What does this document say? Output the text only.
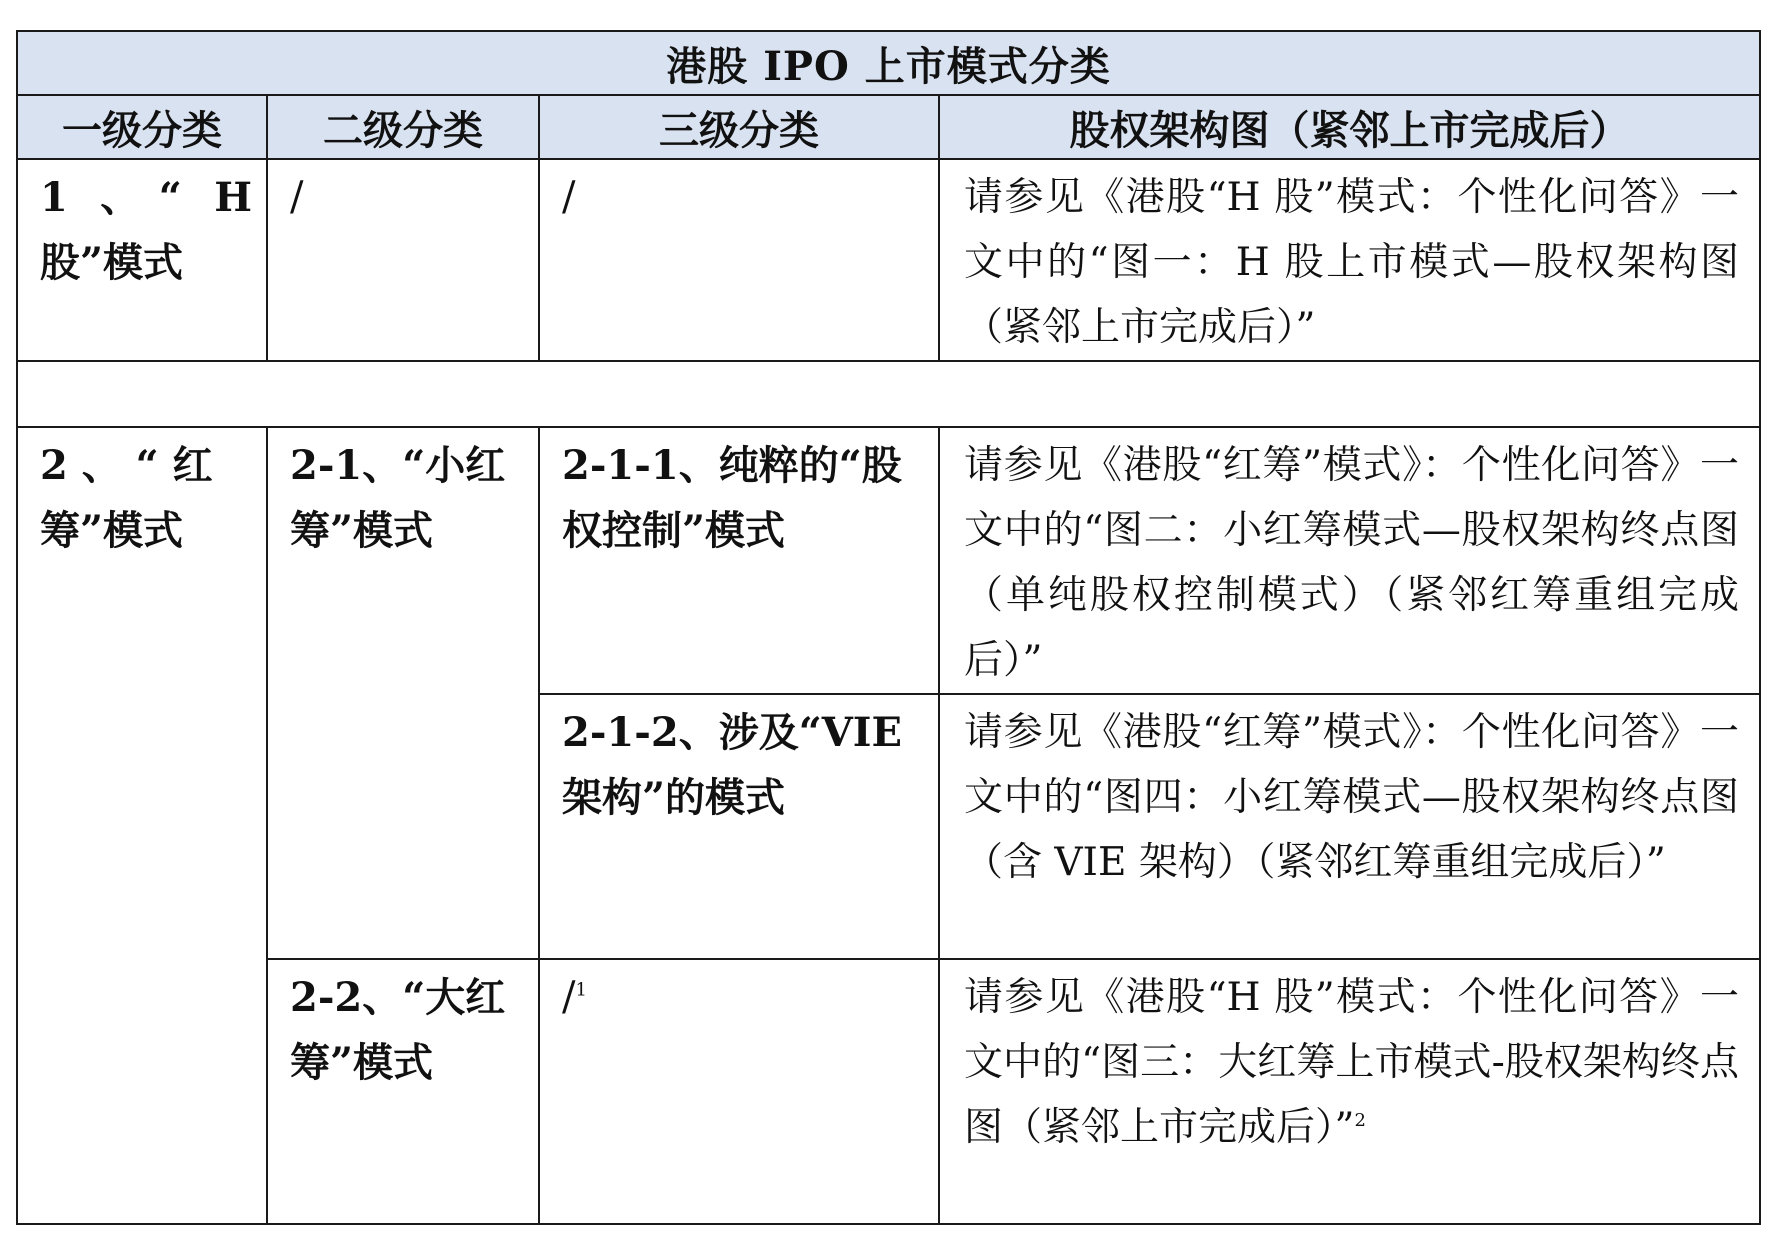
港股 IPO 上市模式分类			
一级分类	二级分类	三级分类	股权架构图（紧邻上市完成后）
1 、“ H 股”模式	/	/	请参见《港股“H 股”模式：个性化问答》一文中的“图一：H 股上市模式—股权架构图（紧邻上市完成后）”

2 、 “ 红 筹”模式	2-1、“小红筹”模式	2-1-1、纯粹的“股权控制”模式	请参见《港股“红筹”模式》：个性化问答》一文中的“图二：小红筹模式—股权架构终点图（单纯股权控制模式）（紧邻红筹重组完成后）”
		2-1-2、涉及“VIE 架构”的模式	请参见《港股“红筹”模式》：个性化问答》一文中的“图四：小红筹模式—股权架构终点图（含 VIE 架构）（紧邻红筹重组完成后）”
	2-2、“大红筹”模式	/$^1$	请参见《港股“H 股”模式：个性化问答》一文中的“图三：大红筹上市模式-股权架构终点图（紧邻上市完成后）”$^2$
